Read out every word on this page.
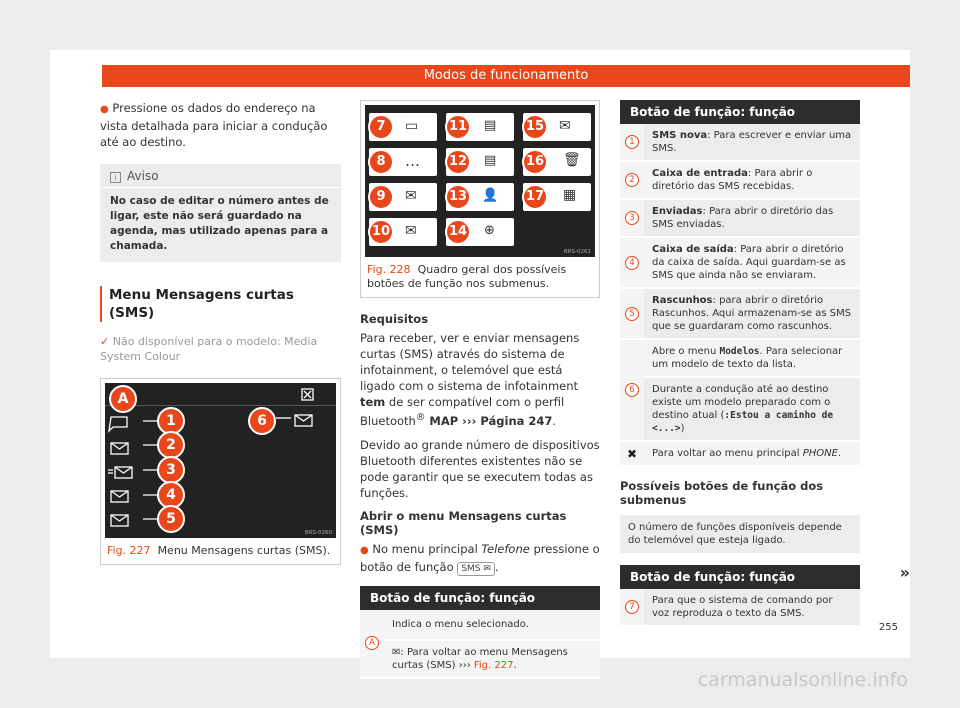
Modos de funcionamento

● Pressione os dados do endereço na vista detalhada para iniciar a condução até ao destino.

i Aviso
No caso de editar o número antes de ligar, este não será guardado na agenda, mas utilizado apenas para a chamada.
Menu Mensagens curtas (SMS)
✓ Não disponível para o modelo: Media System Colour
A
1
2
3
4
5
6
BRS-0260
Fig. 227 Menu Mensagens curtas (SMS).
7	▭
8	…
9	✉
10 ✉
11	▤
12	▤
13	👤
14	⊕
15 ✉
16 🗑
17 ▦
BRS-0261
Fig. 228 Quadro geral dos possíveis botões de função nos submenus.
Requisitos

Para receber, ver e enviar mensagens curtas (SMS) através do sistema de infotainment, o telemóvel que está ligado com o sistema de infotainment tem de ser compatível com o perfil Bluetooth® MAP ››› Página 247.

Devido ao grande número de dispositivos Bluetooth diferentes existentes não se pode garantir que se executem todas as funções.

Abrir o menu Mensagens curtas (SMS)

● No menu principal Telefone pressione o botão de função SMS ✉ .

Botão de função: função
A
Indica o menu selecionado.
✉: Para voltar ao menu Mensagens curtas (SMS) ››› Fig. 227.
Botão de função: função
1
SMS nova: Para escrever e enviar uma SMS.
2
Caixa de entrada: Para abrir o diretório das SMS recebidas.
3
Enviadas: Para abrir o diretório das SMS enviadas.
4
Caixa de saída: Para abrir o diretório da caixa de saída. Aqui guardam-se as SMS que ainda não se enviaram.
5
Rascunhos: para abrir o diretório Rascunhos. Aqui armazenam-se as SMS que se guardaram como rascunhos.
6
Abre o menu Modelos. Para selecionar um modelo de texto da lista.
Durante a condução até ao destino existe um modelo preparado com o destino atual (:Estou a caminho de <...>)
✖	Para voltar ao menu principal PHONE.
Possíveis botões de função dos submenus
O número de funções disponíveis depende do telemóvel que esteja ligado.
Botão de função: função
7
Para que o sistema de comando por voz reproduza o texto da SMS.
»
255
carmanualsonline.info
